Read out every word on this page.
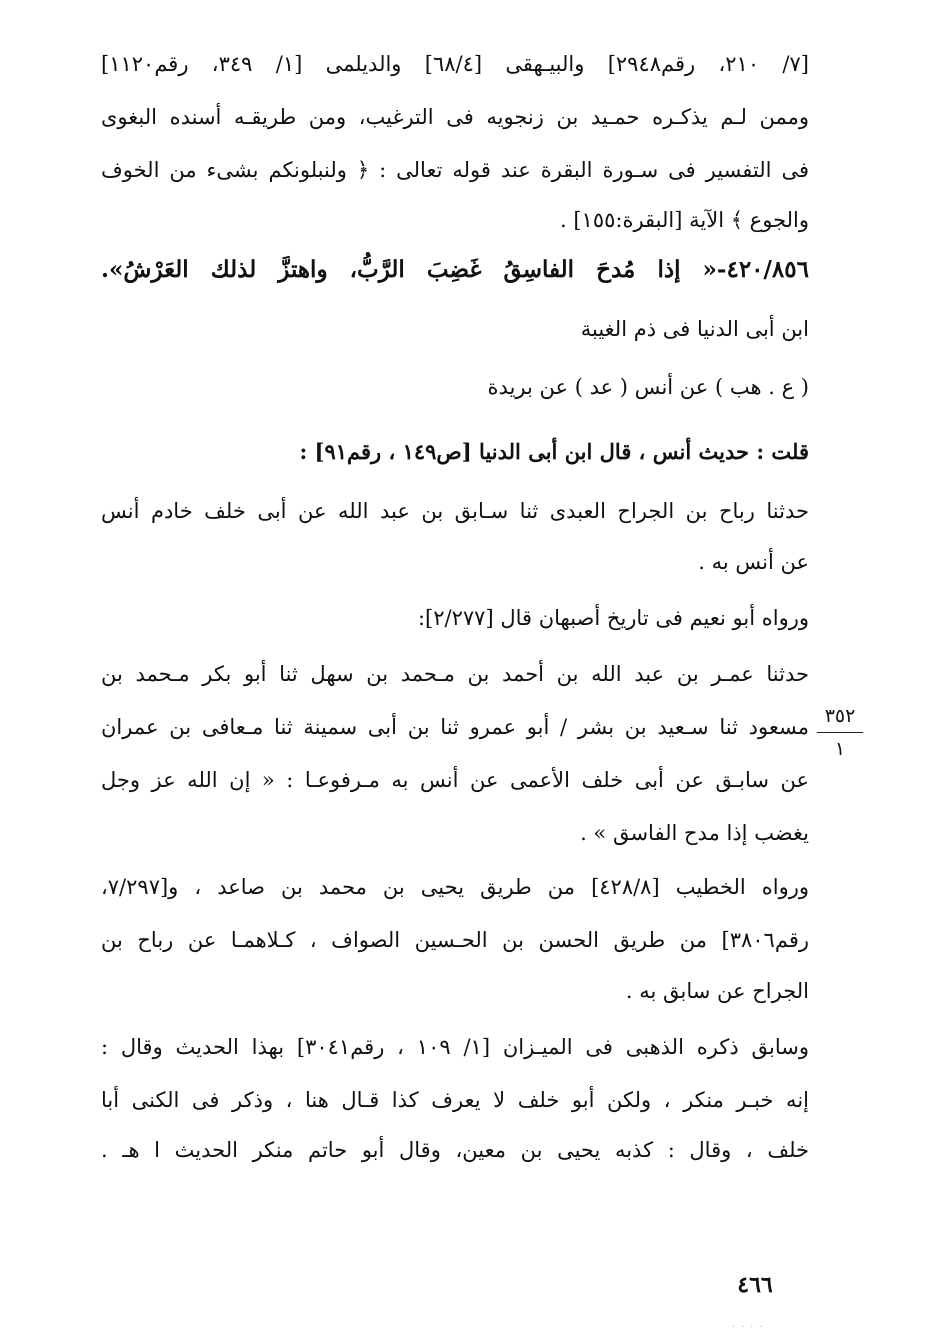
[٧/ ٢١٠، رقم٢٩٤٨] والبيـهقى [٦٨/٤] والديلمى [١/ ٣٤٩، رقم١١٢٠]
وممن لـم يذكـره حمـيد بن زنجويه فى الترغيب، ومن طريقـه أسنده البغوى
فى التفسير فى سـورة البقرة عند قوله تعالى : ﴿ ولنبلونكم بشىء من الخوف
والجوع ﴾ الآية [البقرة:١٥٥] .
٤٢٠/٨٥٦-« إذا مُدحَ الفاسِقُ غَضِبَ الرَّبُّ، واهتزَّ لذلك العَرْشُ».
ابن أبى الدنيا فى ذم الغيبة
( ع . هب ) عن أنس ( عد ) عن بريدة
قلت : حديث أنس ، قال ابن أبى الدنيا [ص١٤٩ ، رقم٩١] :
حدثنا رباح بن الجراح العبدى ثنا سـابق بن عبد الله عن أبى خلف خادم أنس
عن أنس به .
ورواه أبو نعيم فى تاريخ أصبهان قال [٢/٢٧٧]:
حدثنا عمـر بن عبد الله بن أحمد بن مـحمد بن سهل ثنا أبو بكر مـحمد بن
مسعود ثنا سـعيد بن بشر / أبو عمرو ثنا بن أبى سمينة ثنا مـعافى بن عمران
عن سابـق عن أبى خلف الأعمى عن أنس به مـرفوعـا : « إن الله عز وجل
يغضب إذا مدح الفاسق » .
ورواه الخطيب [٤٢٨/٨] من طريق يحيى بن محمد بن صاعد ، و[٧/٢٩٧،
رقم٣٨٠٦] من طريق الحسن بن الحـسين الصواف ، كـلاهمـا عن رباح بن
الجراح عن سابق به .
وسابق ذكره الذهبى فى الميـزان [١/ ١٠٩ ، رقم٣٠٤١] بهذا الحديث وقال :
إنه خبـر منكر ، ولكن أبو خلف لا يعرف كذا قـال هنا ، وذكر فى الكنى أبا
خلف ، وقال : كذبه يحيى بن معين، وقال أبو حاتم منكر الحديث ا هـ .
٣٥٢
١
٤٦٦
· · · ·
